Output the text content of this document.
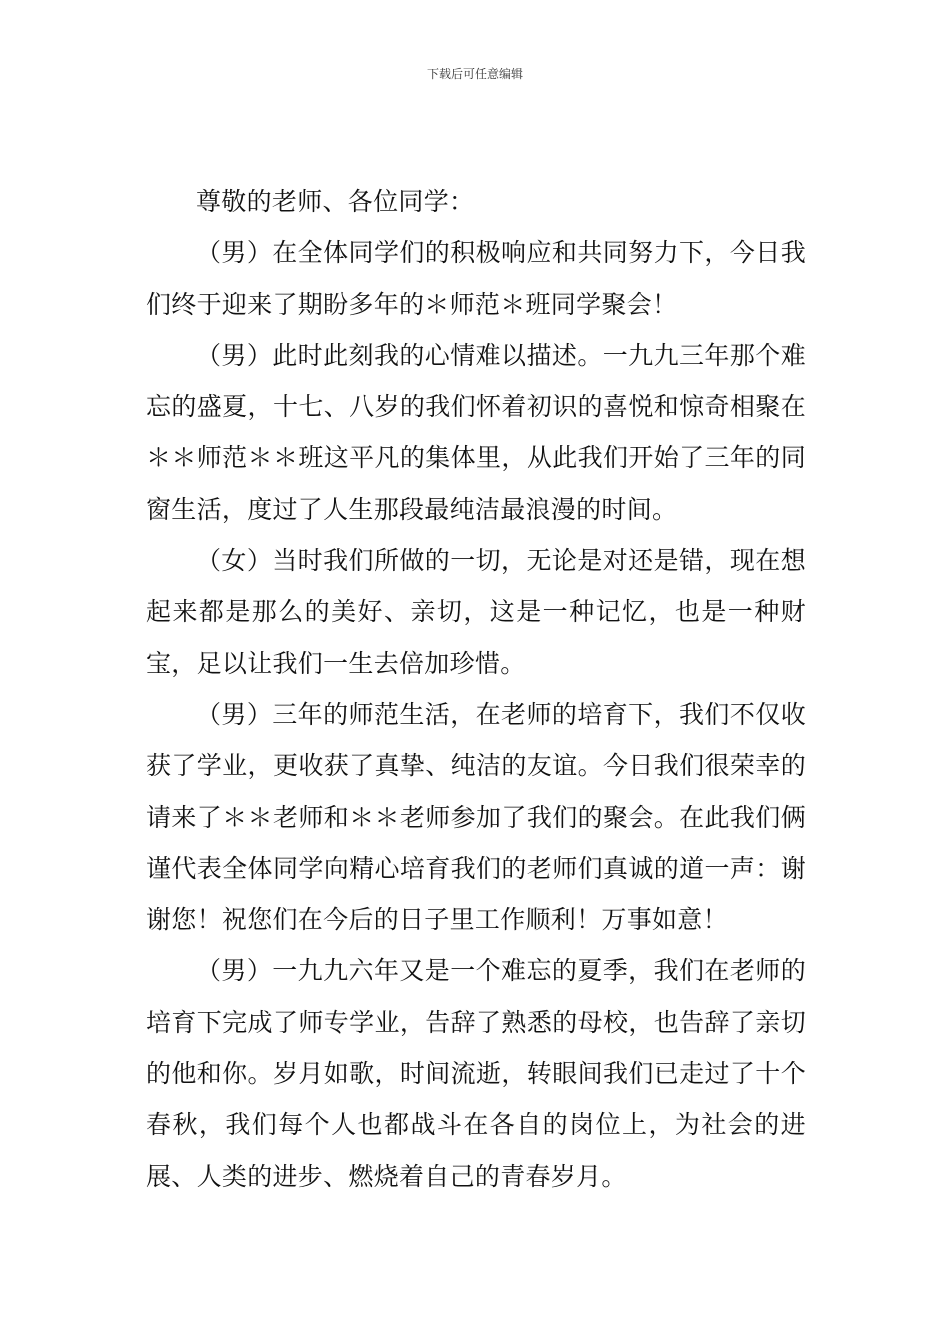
下载后可任意编辑

尊敬的老师、各位同学：

（男）在全体同学们的积极响应和共同努力下，今日我们终于迎来了期盼多年的＊师范＊班同学聚会！

（男）此时此刻我的心情难以描述。一九九三年那个难忘的盛夏，十七、八岁的我们怀着初识的喜悦和惊奇相聚在＊＊师范＊＊班这平凡的集体里，从此我们开始了三年的同窗生活，度过了人生那段最纯洁最浪漫的时间。

（女）当时我们所做的一切，无论是对还是错，现在想起来都是那么的美好、亲切，这是一种记忆，也是一种财宝，足以让我们一生去倍加珍惜。

（男）三年的师范生活，在老师的培育下，我们不仅收获了学业，更收获了真挚、纯洁的友谊。今日我们很荣幸的请来了＊＊老师和＊＊老师参加了我们的聚会。在此我们俩谨代表全体同学向精心培育我们的老师们真诚的道一声：谢谢您！祝您们在今后的日子里工作顺利！万事如意！

（男）一九九六年又是一个难忘的夏季，我们在老师的培育下完成了师专学业，告辞了熟悉的母校，也告辞了亲切的他和你。岁月如歌，时间流逝，转眼间我们已走过了十个春秋，我们每个人也都战斗在各自的岗位上，为社会的进展、人类的进步、燃烧着自己的青春岁月。
